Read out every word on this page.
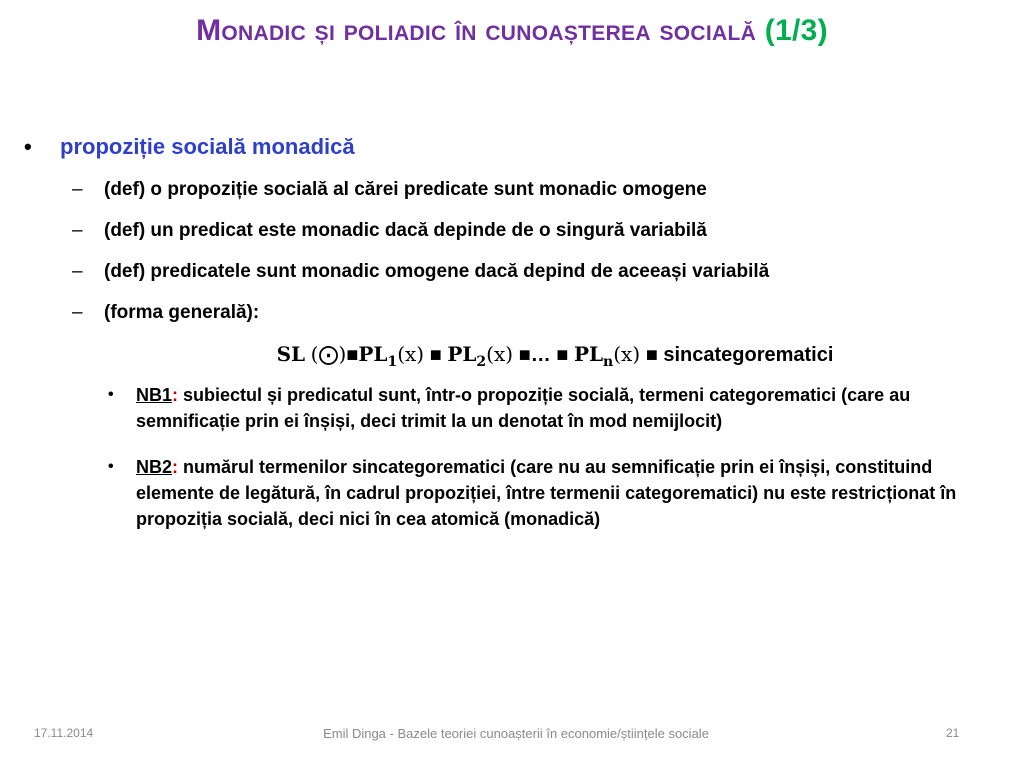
Monadic și poliadic în cunoașterea socială (1/3)
• propoziție socială monadică
– (def) o propoziție socială al cărei predicate sunt monadic omogene
– (def) un predicat este monadic dacă depinde de o singură variabilă
– (def) predicatele sunt monadic omogene dacă depind de aceeași variabilă
– (forma generală):
SL $(⨀)■PL_1(x)$ ■ $PL_2(x)$ ■… ■ $PL_n(x)$ ■ sincategorematici
• NB1: subiectul și predicatul sunt, într-o propoziție socială, termeni categorematici (care au semnificație prin ei înșiși, deci trimit la un denotat în mod nemijlocit)
• NB2: numărul termenilor sincategorematici (care nu au semnificație prin ei înșiși, constituind elemente de legătură, în cadrul propoziției, între termenii categorematici) nu este restricționat în propoziția socială, deci nici în cea atomică (monadică)
17.11.2014	Emil Dinga - Bazele teoriei cunoașterii în economie/științele sociale	21
